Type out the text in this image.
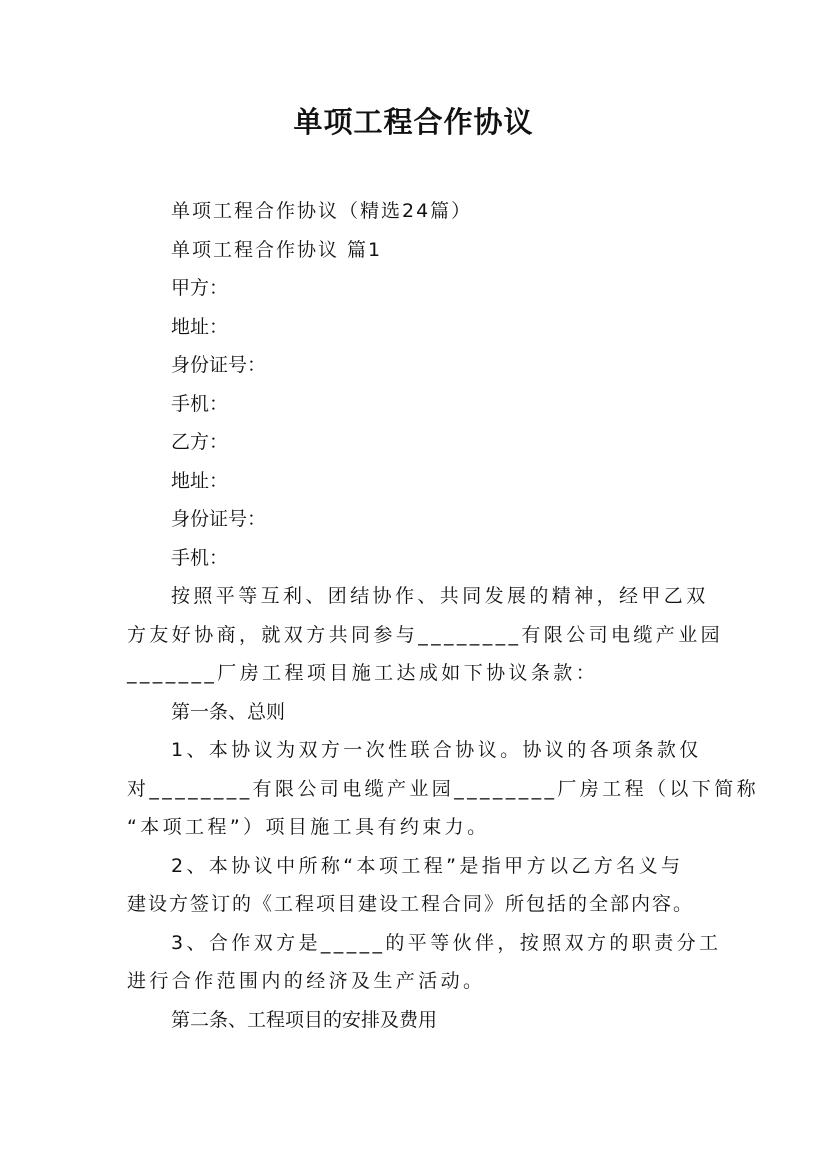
单项工程合作协议
单项工程合作协议（精选24篇）
单项工程合作协议 篇1
甲方：
地址：
身份证号：
手机：
乙方：
地址：
身份证号：
手机：
按照平等互利、团结协作、共同发展的精神，经甲乙双
方友好协商，就双方共同参与________有限公司电缆产业园
_______厂房工程项目施工达成如下协议条款：
第一条、总则
1、本协议为双方一次性联合协议。协议的各项条款仅
对________有限公司电缆产业园________厂房工程（以下简称
“本项工程”）项目施工具有约束力。
2、本协议中所称“本项工程”是指甲方以乙方名义与
建设方签订的《工程项目建设工程合同》所包括的全部内容。
3、合作双方是_____的平等伙伴，按照双方的职责分工
进行合作范围内的经济及生产活动。
第二条、工程项目的安排及费用
